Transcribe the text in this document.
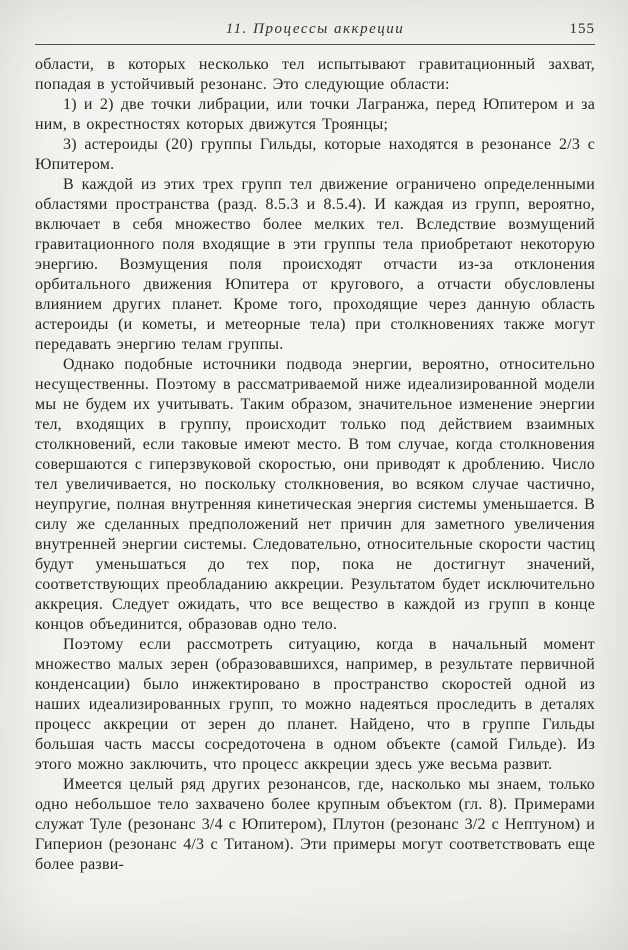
11. Процессы аккреции	155

области, в которых несколько тел испытывают гравитационный захват, попадая в устойчивый резонанс. Это следующие области:

1) и 2) две точки либрации, или точки Лагранжа, перед Юпитером и за ним, в окрестностях которых движутся Троянцы;

3) астероиды (20) группы Гильды, которые находятся в резонансе 2/3 с Юпитером.

В каждой из этих трех групп тел движение ограничено определенными областями пространства (разд. 8.5.3 и 8.5.4). И каждая из групп, вероятно, включает в себя множество более мелких тел. Вследствие возмущений гравитационного поля входящие в эти группы тела приобретают некоторую энергию. Возмущения поля происходят отчасти из-за отклонения орбитального движения Юпитера от кругового, а отчасти обусловлены влиянием других планет. Кроме того, проходящие через данную область астероиды (и кометы, и метеорные тела) при столкновениях также могут передавать энергию телам группы.

Однако подобные источники подвода энергии, вероятно, относительно несущественны. Поэтому в рассматриваемой ниже идеализированной модели мы не будем их учитывать. Таким образом, значительное изменение энергии тел, входящих в группу, происходит только под действием взаимных столкновений, если таковые имеют место. В том случае, когда столкновения совершаются с гиперзвуковой скоростью, они приводят к дроблению. Число тел увеличивается, но поскольку столкновения, во всяком случае частично, неупругие, полная внутренняя кинетическая энергия системы уменьшается. В силу же сделанных предположений нет причин для заметного увеличения внутренней энергии системы. Следовательно, относительные скорости частиц будут уменьшаться до тех пор, пока не достигнут значений, соответствующих преобладанию аккреции. Результатом будет исключительно аккреция. Следует ожидать, что все вещество в каждой из групп в конце концов объединится, образовав одно тело.

Поэтому если рассмотреть ситуацию, когда в начальный момент множество малых зерен (образовавшихся, например, в результате первичной конденсации) было инжектировано в пространство скоростей одной из наших идеализированных групп, то можно надеяться проследить в деталях процесс аккреции от зерен до планет. Найдено, что в группе Гильды большая часть массы сосредоточена в одном объекте (самой Гильде). Из этого можно заключить, что процесс аккреции здесь уже весьма развит.

Имеется целый ряд других резонансов, где, насколько мы знаем, только одно небольшое тело захвачено более крупным объектом (гл. 8). Примерами служат Туле (резонанс 3/4 с Юпитером), Плутон (резонанс 3/2 с Нептуном) и Гиперион (резонанс 4/3 с Титаном). Эти примеры могут соответствовать еще более разви-
